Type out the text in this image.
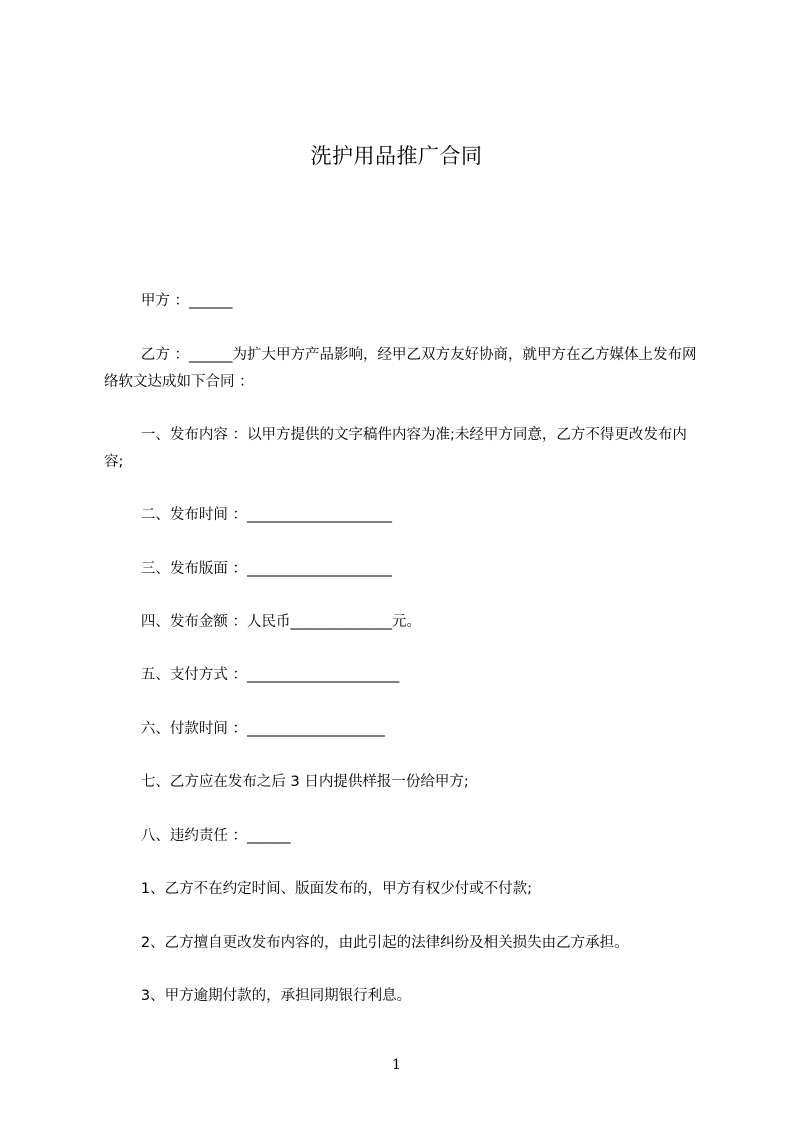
洗护用品推广合同
甲方 ：______
乙方 ：______为扩大甲方产品影响，经甲乙双方友好协商，就甲方在乙方媒体上发布网络软文达成如下合同 ：
一、发布内容 ：以甲方提供的文字稿件内容为准;未经甲方同意，乙方不得更改发布内容;
二、发布时间 ：____________________
三、发布版面 ：____________________
四、发布金额 ：人民币______________元。
五、支付方式 ：_____________________
六、付款时间 ：___________________
七、乙方应在发布之后 3 日内提供样报一份给甲方;
八、违约责任 ：______
1、乙方不在约定时间、版面发布的，甲方有权少付或不付款;
2、乙方擅自更改发布内容的，由此引起的法律纠纷及相关损失由乙方承担。
3、甲方逾期付款的，承担同期银行利息。
1
